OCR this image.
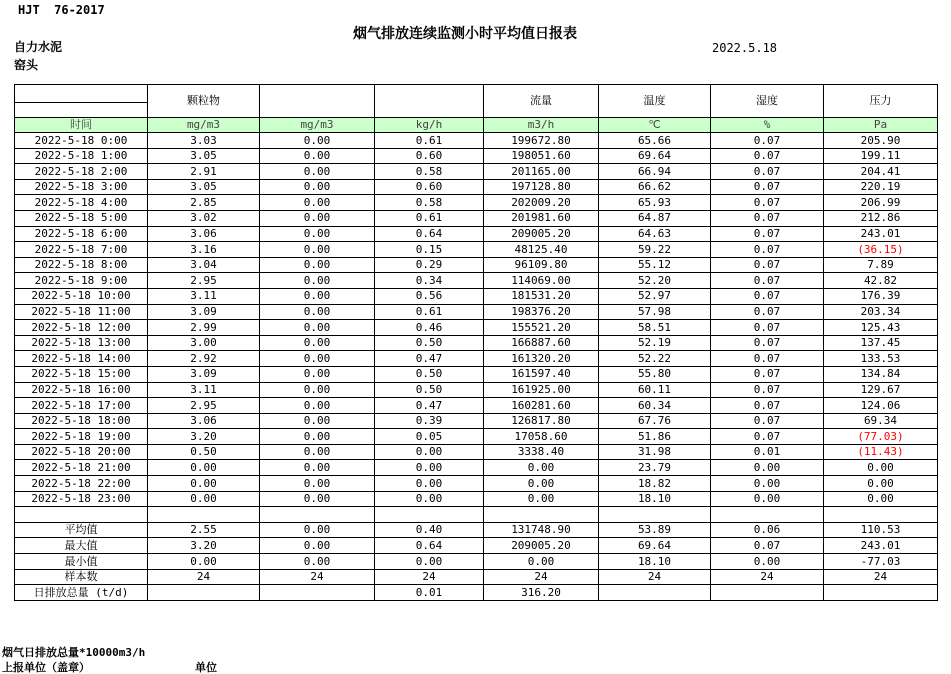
HJT  76-2017
烟气排放连续监测小时平均值日报表
2022.5.18
自力水泥
窑头
	颗粒物			流量	温度	湿度	压力

时间	mg/m3	mg/m3	kg/h	m3/h	℃	%	Pa
2022-5-18 0:00	3.03	0.00	0.61	199672.80	65.66	0.07	205.90
2022-5-18 1:00	3.05	0.00	0.60	198051.60	69.64	0.07	199.11
2022-5-18 2:00	2.91	0.00	0.58	201165.00	66.94	0.07	204.41
2022-5-18 3:00	3.05	0.00	0.60	197128.80	66.62	0.07	220.19
2022-5-18 4:00	2.85	0.00	0.58	202009.20	65.93	0.07	206.99
2022-5-18 5:00	3.02	0.00	0.61	201981.60	64.87	0.07	212.86
2022-5-18 6:00	3.06	0.00	0.64	209005.20	64.63	0.07	243.01
2022-5-18 7:00	3.16	0.00	0.15	48125.40	59.22	0.07	(36.15)
2022-5-18 8:00	3.04	0.00	0.29	96109.80	55.12	0.07	7.89
2022-5-18 9:00	2.95	0.00	0.34	114069.00	52.20	0.07	42.82
2022-5-18 10:00	3.11	0.00	0.56	181531.20	52.97	0.07	176.39
2022-5-18 11:00	3.09	0.00	0.61	198376.20	57.98	0.07	203.34
2022-5-18 12:00	2.99	0.00	0.46	155521.20	58.51	0.07	125.43
2022-5-18 13:00	3.00	0.00	0.50	166887.60	52.19	0.07	137.45
2022-5-18 14:00	2.92	0.00	0.47	161320.20	52.22	0.07	133.53
2022-5-18 15:00	3.09	0.00	0.50	161597.40	55.80	0.07	134.84
2022-5-18 16:00	3.11	0.00	0.50	161925.00	60.11	0.07	129.67
2022-5-18 17:00	2.95	0.00	0.47	160281.60	60.34	0.07	124.06
2022-5-18 18:00	3.06	0.00	0.39	126817.80	67.76	0.07	69.34
2022-5-18 19:00	3.20	0.00	0.05	17058.60	51.86	0.07	(77.03)
2022-5-18 20:00	0.50	0.00	0.00	3338.40	31.98	0.01	(11.43)
2022-5-18 21:00	0.00	0.00	0.00	0.00	23.79	0.00	0.00
2022-5-18 22:00	0.00	0.00	0.00	0.00	18.82	0.00	0.00
2022-5-18 23:00	0.00	0.00	0.00	0.00	18.10	0.00	0.00

平均值	2.55	0.00	0.40	131748.90	53.89	0.06	110.53
最大值	3.20	0.00	0.64	209005.20	69.64	0.07	243.01
最小值	0.00	0.00	0.00	0.00	18.10	0.00	-77.03
样本数	24	24	24	24	24	24	24
日排放总量 (t/d)			0.01	316.20			
烟气日排放总量*10000m3/h
上报单位（盖章）	单位
